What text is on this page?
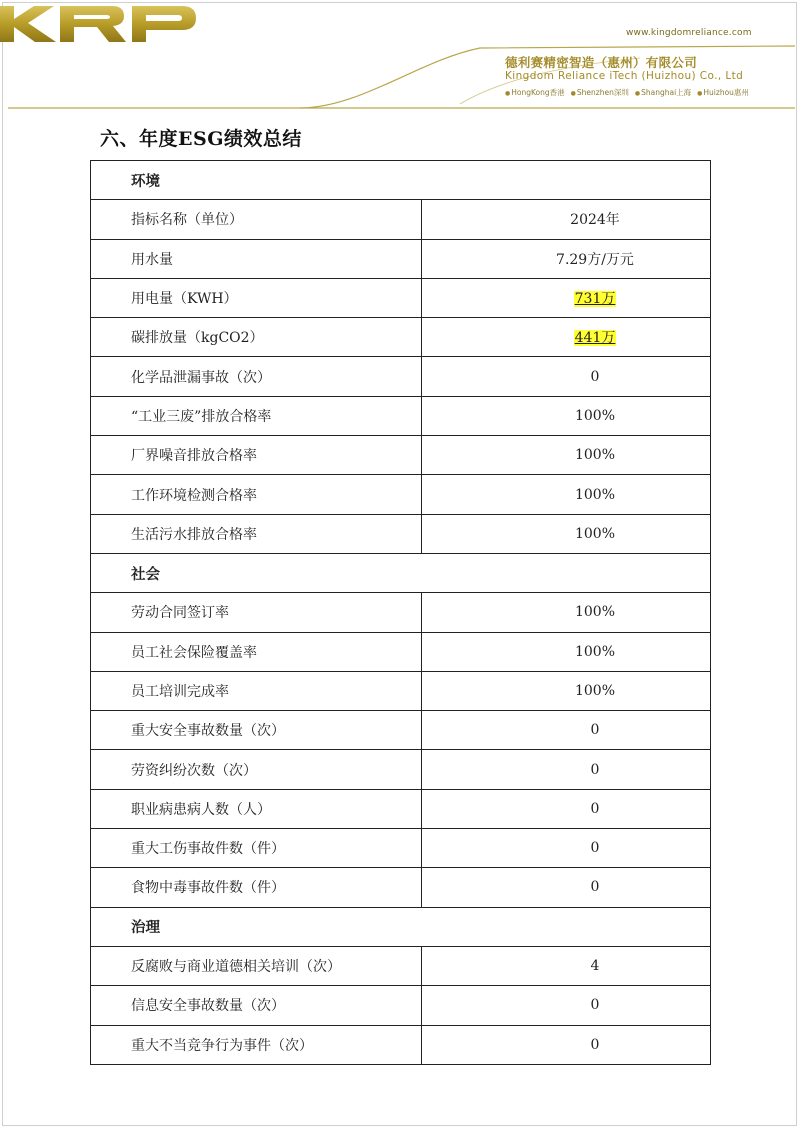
www.kingdomreliance.com
德利赛精密智造（惠州）有限公司
Kingdom Reliance iTech (Huizhou) Co., Ltd
● HongKong香港	● Shenzhen深圳	● Shanghai上海	● Huizhou惠州
六、年度ESG绩效总结
环境	
指标名称（单位）	2024年
用水量	7.29方/万元
用电量（KWH）	731万
碳排放量（kgCO2）	441万
化学品泄漏事故（次）	0
“工业三废”排放合格率	100%
厂界噪音排放合格率	100%
工作环境检测合格率	100%
生活污水排放合格率	100%
社会	
劳动合同签订率	100%
员工社会保险覆盖率	100%
员工培训完成率	100%
重大安全事故数量（次）	0
劳资纠纷次数（次）	0
职业病患病人数（人）	0
重大工伤事故件数（件）	0
食物中毒事故件数（件）	0
治理	
反腐败与商业道德相关培训（次）	4
信息安全事故数量（次）	0
重大不当竞争行为事件（次）	0
